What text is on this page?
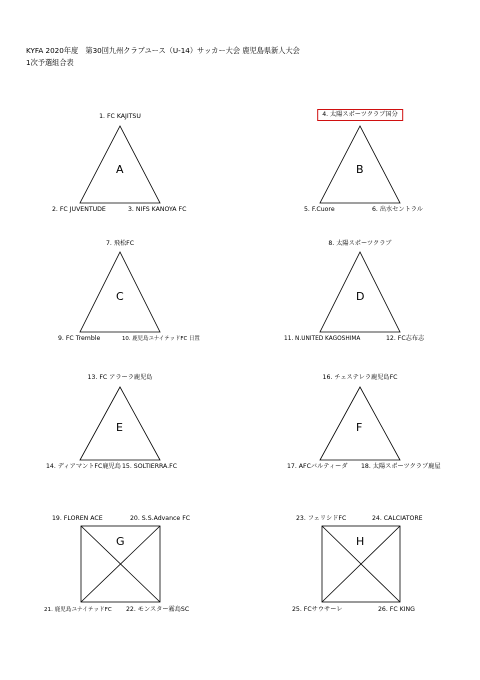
KYFA 2020年度　第30回九州クラブユース（U-14）サッカー大会 鹿児島県新人大会
1次予選組合表
A
1. FC KAJITSU
2. FC JUVENTUDE	3. NIFS KANOYA FC
B
4. 太陽スポーツクラブ国分
5. F.Cuore	6. 出水セントラル
C
7. 飛松FC
9. FC Tremble	10. 鹿児島ユナイテッドFC 日置
D
8. 太陽スポーツクラブ
11. N.UNITED KAGOSHIMA	12. FC志布志
E
13. FC アラーラ鹿児島
14. ディアマントFC鹿児島 15. SOLTIERRA.FC
F
16. チェステレラ鹿児島FC
17. AFCバルティーダ 18. 太陽スポーツクラブ鹿屋
G
19. FLOREN ACE	20. S.S.Advance FC
21. 鹿児島ユナイテッドFC 22. モンスター霧島SC
H
23. フェリシドFC	24. CALCIATORE
25. FCサウサーレ	26. FC KING
